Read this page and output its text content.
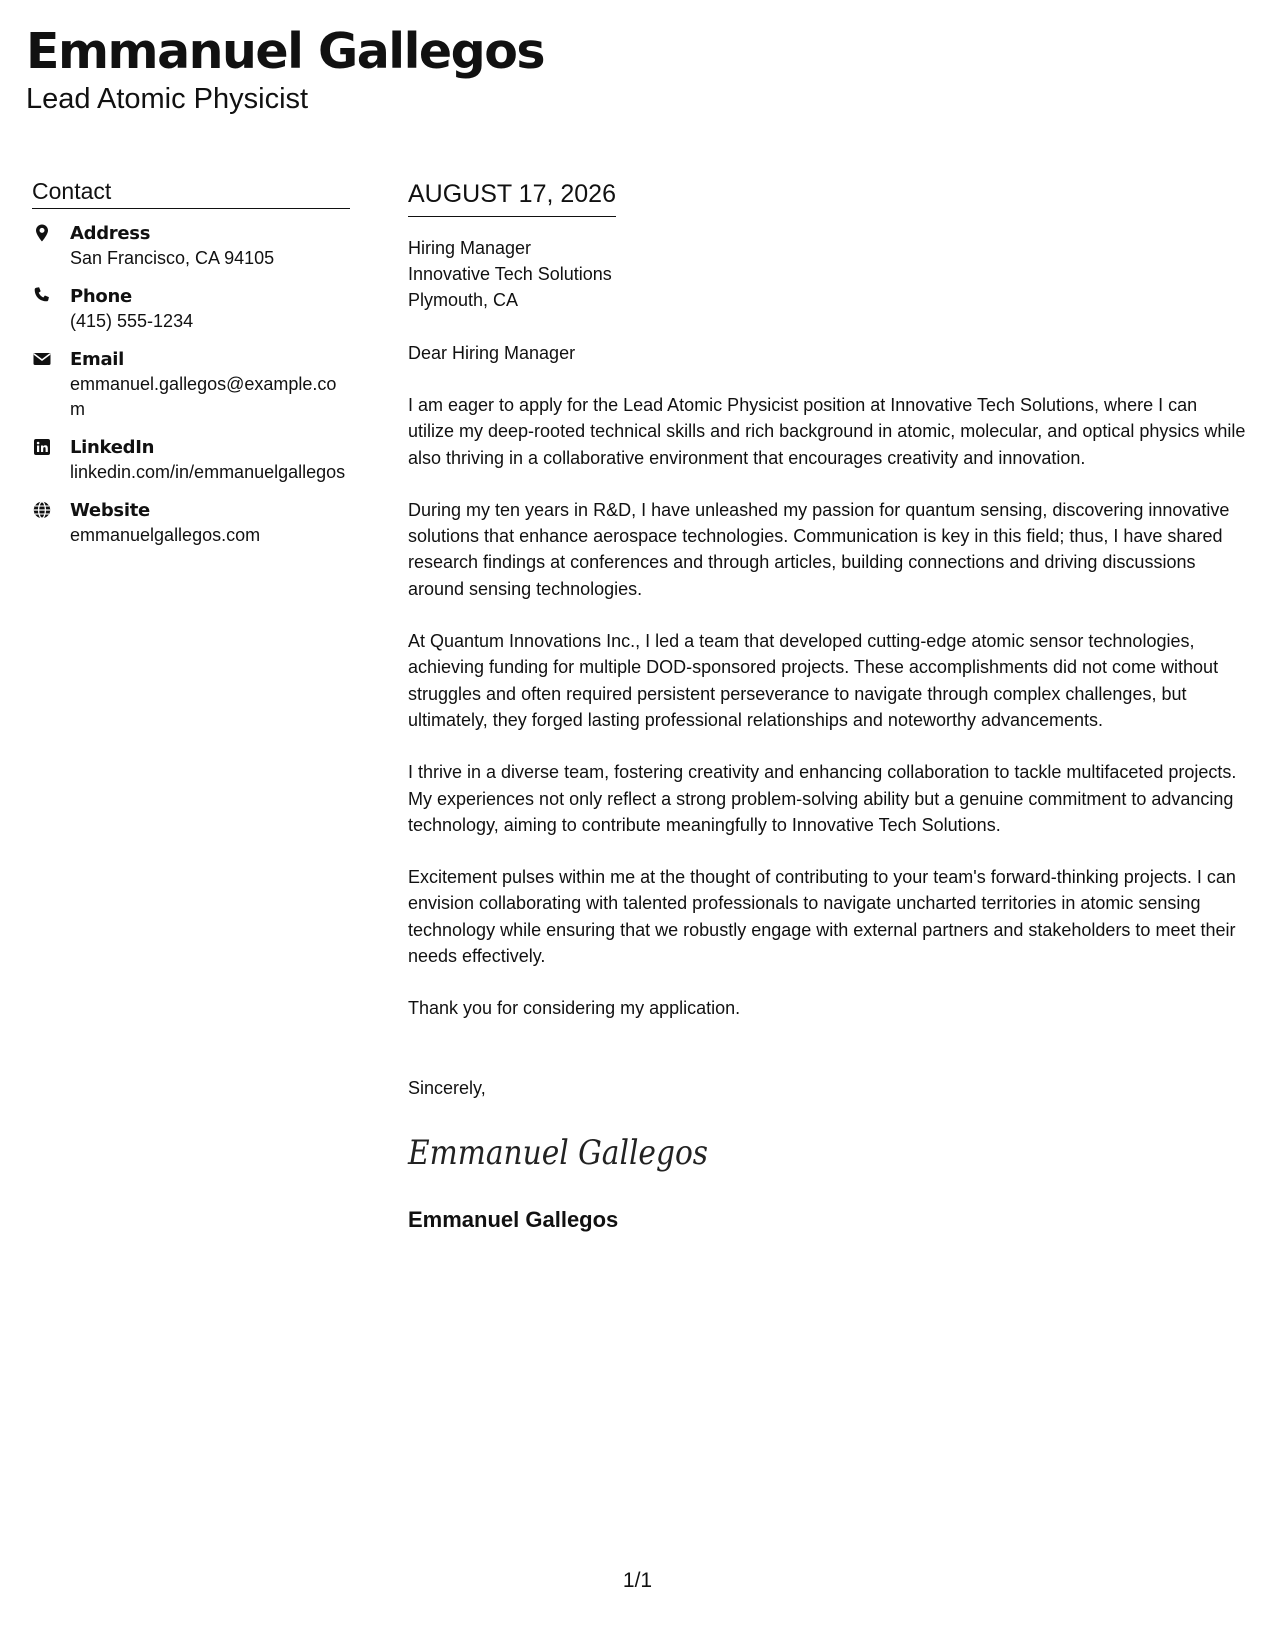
Emmanuel Gallegos
Lead Atomic Physicist
Contact
Address
San Francisco, CA 94105
Phone
(415) 555-1234
Email
emmanuel.gallegos@example.com
LinkedIn
linkedin.com/in/emmanuelgallegos
Website
emmanuelgallegos.com
AUGUST 17, 2026
Hiring Manager
Innovative Tech Solutions
Plymouth, CA
Dear Hiring Manager

I am eager to apply for the Lead Atomic Physicist position at Innovative Tech Solutions, where I can utilize my deep-rooted technical skills and rich background in atomic, molecular, and optical physics while also thriving in a collaborative environment that encourages creativity and innovation.

During my ten years in R&D, I have unleashed my passion for quantum sensing, discovering innovative solutions that enhance aerospace technologies. Communication is key in this field; thus, I have shared research findings at conferences and through articles, building connections and driving discussions around sensing technologies.

At Quantum Innovations Inc., I led a team that developed cutting-edge atomic sensor technologies, achieving funding for multiple DOD-sponsored projects. These accomplishments did not come without struggles and often required persistent perseverance to navigate through complex challenges, but ultimately, they forged lasting professional relationships and noteworthy advancements.

I thrive in a diverse team, fostering creativity and enhancing collaboration to tackle multifaceted projects. My experiences not only reflect a strong problem-solving ability but a genuine commitment to advancing technology, aiming to contribute meaningfully to Innovative Tech Solutions.

Excitement pulses within me at the thought of contributing to your team's forward-thinking projects. I can envision collaborating with talented professionals to navigate uncharted territories in atomic sensing technology while ensuring that we robustly engage with external partners and stakeholders to meet their needs effectively.

Thank you for considering my application.

Sincerely,
Emmanuel Gallegos
Emmanuel Gallegos
1/1
